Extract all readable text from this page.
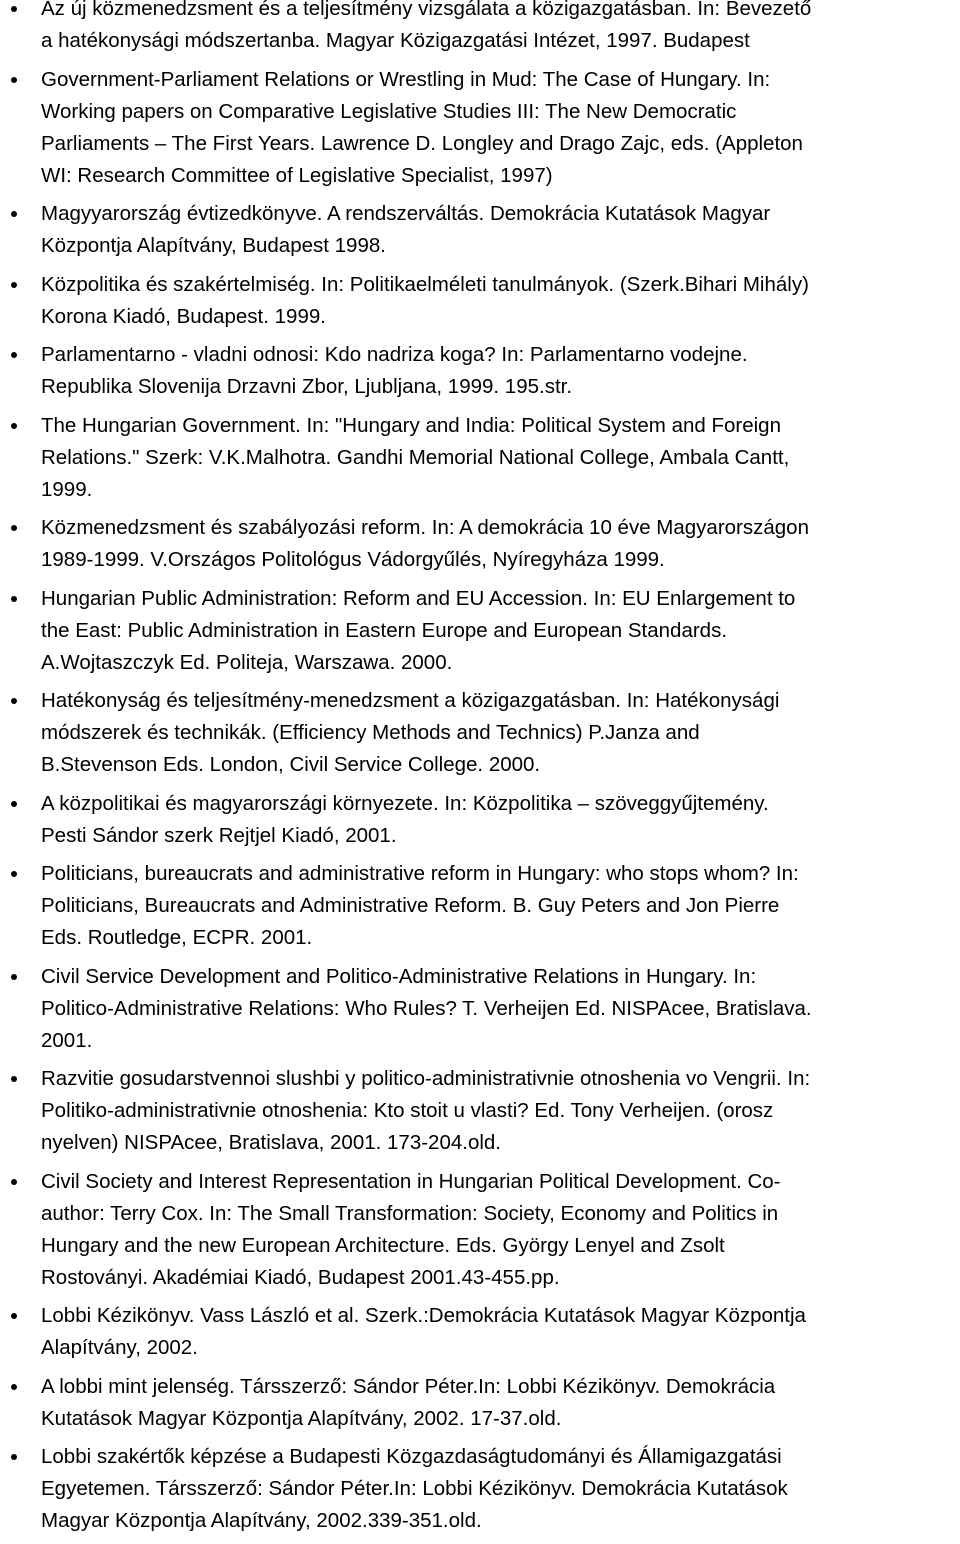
Az új közmenedzsment és a teljesítmény vizsgálata a közigazgatásban. In: Bevezető
a hatékonysági módszertanba. Magyar Közigazgatási Intézet, 1997. Budapest
Government-Parliament Relations or Wrestling in Mud: The Case of Hungary. In:
Working papers on Comparative Legislative Studies III: The New Democratic
Parliaments – The First Years. Lawrence D. Longley and Drago Zajc, eds. (Appleton
WI: Research Committee of Legislative Specialist, 1997)
Magyyarország évtizedkönyve. A rendszerváltás. Demokrácia Kutatások Magyar
Központja Alapítvány, Budapest 1998.
Közpolitika és szakértelmiség. In: Politikaelméleti tanulmányok. (Szerk.Bihari Mihály)
Korona Kiadó, Budapest. 1999.
Parlamentarno - vladni odnosi: Kdo nadriza koga? In: Parlamentarno vodejne.
Republika Slovenija Drzavni Zbor, Ljubljana, 1999. 195.str.
The Hungarian Government. In: "Hungary and India: Political System and Foreign
Relations." Szerk: V.K.Malhotra. Gandhi Memorial National College, Ambala Cantt,
1999.
Közmenedzsment és szabályozási reform. In: A demokrácia 10 éve Magyarországon
1989-1999. V.Országos Politológus Vádorgyűlés, Nyíregyháza 1999.
Hungarian Public Administration: Reform and EU Accession. In: EU Enlargement to
the East: Public Administration in Eastern Europe and European Standards.
A.Wojtaszczyk Ed. Politeja, Warszawa. 2000.
Hatékonyság és teljesítmény-menedzsment a közigazgatásban. In: Hatékonysági
módszerek és technikák. (Efficiency Methods and Technics) P.Janza and
B.Stevenson Eds. London, Civil Service College. 2000.
A közpolitikai és magyarországi környezete. In: Közpolitika – szöveggyűjtemény.
Pesti Sándor szerk Rejtjel Kiadó, 2001.
Politicians, bureaucrats and administrative reform in Hungary: who stops whom? In:
Politicians, Bureaucrats and Administrative Reform. B. Guy Peters and Jon Pierre
Eds. Routledge, ECPR. 2001.
Civil Service Development and Politico-Administrative Relations in Hungary. In:
Politico-Administrative Relations: Who Rules? T. Verheijen Ed. NISPAcee, Bratislava.
2001.
Razvitie gosudarstvennoi slushbi y politico-administrativnie otnoshenia vo Vengrii. In:
Politiko-administrativnie otnoshenia: Kto stoit u vlasti? Ed. Tony Verheijen. (orosz
nyelven) NISPAcee, Bratislava, 2001. 173-204.old.
Civil Society and Interest Representation in Hungarian Political Development. Co-
author: Terry Cox. In: The Small Transformation: Society, Economy and Politics in
Hungary and the new European Architecture. Eds. György Lenyel and Zsolt
Rostoványi. Akadémiai Kiadó, Budapest 2001.43-455.pp.
Lobbi Kézikönyv. Vass László et al. Szerk.:Demokrácia Kutatások Magyar Központja
Alapítvány, 2002.
A lobbi mint jelenség. Társszerző: Sándor Péter.In: Lobbi Kézikönyv. Demokrácia
Kutatások Magyar Központja Alapítvány, 2002. 17-37.old.
Lobbi szakértők képzése a Budapesti Közgazdaságtudományi és Államigazgatási
Egyetemen. Társszerző: Sándor Péter.In: Lobbi Kézikönyv. Demokrácia Kutatások
Magyar Központja Alapítvány, 2002.339-351.old.
